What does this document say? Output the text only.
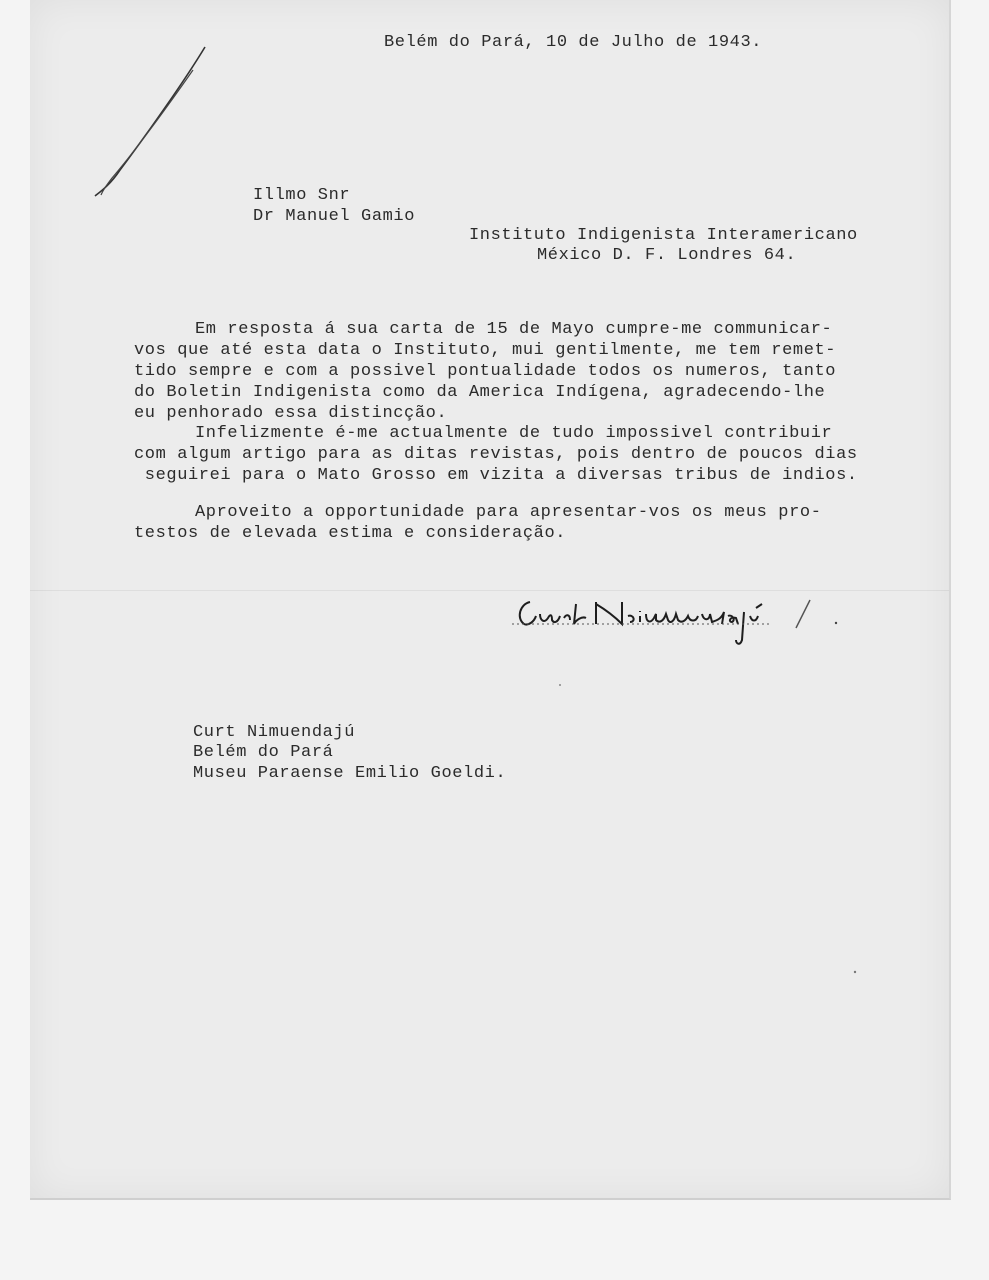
Belém do Pará, 10 de Julho de 1943.

Illmo Snr

Dr Manuel Gamio

Instituto Indigenista Interamericano

México D. F. Londres 64.

Em resposta á sua carta de 15 de Mayo cumpre-me communicar-

vos que até esta data o Instituto, mui gentilmente, me tem remet-

tido sempre e com a possivel pontualidade todos os numeros, tanto

do Boletin Indigenista como da America Indígena, agradecendo-lhe

eu penhorado essa distincção.

Infelizmente é-me actualmente de tudo impossivel contribuir

com algum artigo para as ditas revistas, pois dentro de poucos dias

seguirei para o Mato Grosso em vizita a diversas tribus de indios.

Aproveito a opportunidade para apresentar-vos os meus pro-

testos de elevada estima e consideração.

Curt Nimuendajú

Belém do Pará

Museu Paraense Emilio Goeldi.
